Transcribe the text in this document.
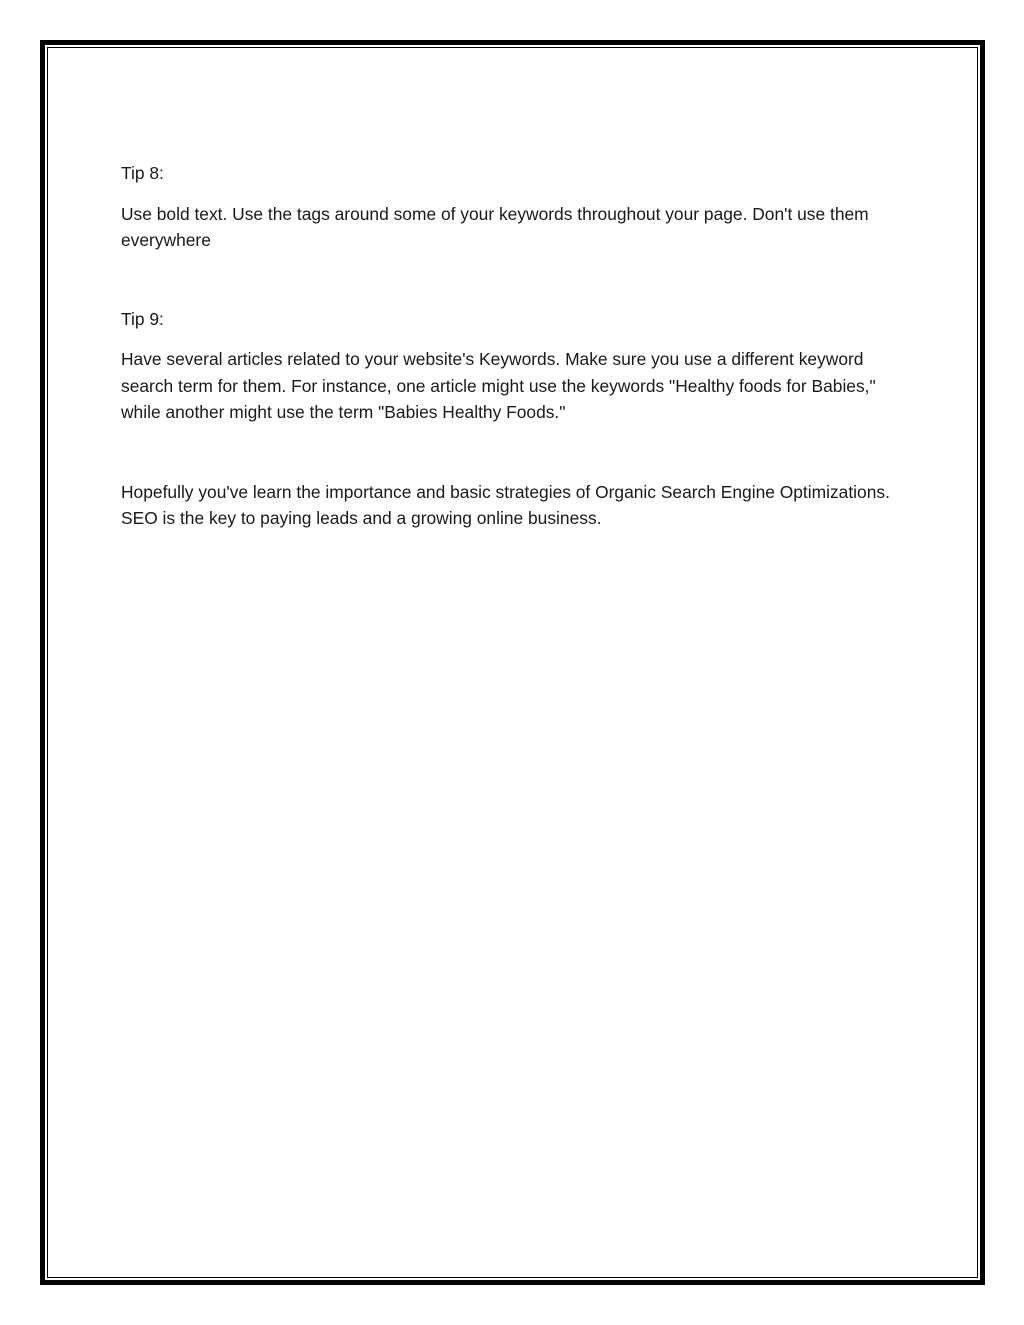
Tip 8:

Use bold text. Use the tags around some of your keywords throughout your page. Don't use them everywhere

Tip 9:

Have several articles related to your website's Keywords. Make sure you use a different keyword search term for them. For instance, one article might use the keywords "Healthy foods for Babies," while another might use the term "Babies Healthy Foods."

Hopefully you've learn the importance and basic strategies of Organic Search Engine Optimizations. SEO is the key to paying leads and a growing online business.
